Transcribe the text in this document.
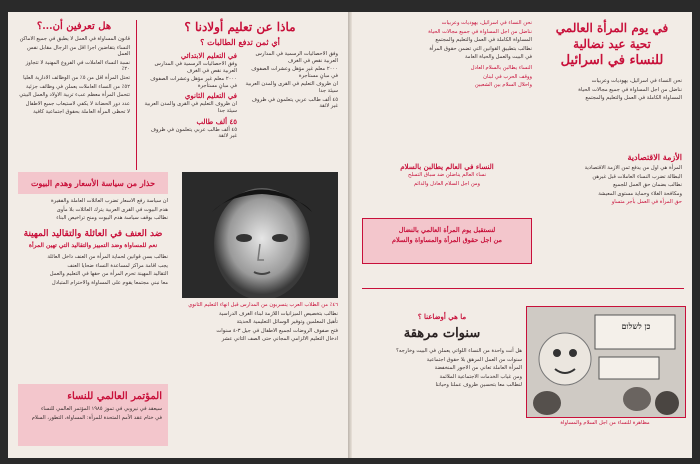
هل تعرفين أن...؟

قانون المساواة في العمل لا يطبق في جميع الاماكن

النساء يتقاضين اجرا اقل من الرجال مقابل نفس العمل

نسبة النساء العاملات في الفروع المهنية لا تتجاوز ٢٠٪

تحتل المرأة اقل من ٥٪ من الوظائف الادارية العليا

٥٢٪ من النساء العاملات يعملن في وظائف جزئية

تتحمل المرأة معظم عبء تربية الاولاد والعمل البيتي

عدد دور الحضانة لا يكفي لاستيعاب جميع الاطفال

لا تحظى المرأة العاملة بحقوق اجتماعية كافية

ماذا عن تعليم أولادنا ؟
أي ثمن تدفع الطالبات ؟
في التعليم الابتدائي

وفق الاحصائيات الرسمية في المدارس العربية نقص في الغرف

٢٠٠٠ معلم غير مؤهل وعشرات الصفوف في مبانٍ مستأجرة

في التعليم الثانوي

ان ظروف التعليم في القرى والمدن العربية سيئة جدا

٤٥ ألف طالب

٤٥ ألف طالب عربي يتعلمون في ظروف غير لائقة

وفق الاحصائيات الرسمية في المدارس العربية نقص في الغرف

٢٠٠٠ معلم غير مؤهل وعشرات الصفوف في مبانٍ مستأجرة

ان ظروف التعليم في القرى والمدن العربية سيئة جدا

٤٥ ألف طالب عربي يتعلمون في ظروف غير لائقة

حذار من سياسة الأسعار وهدم البيوت

ان سياسة رفع الاسعار تضرب العائلات العاملة والفقيرة

هدم البيوت في القرى العربية يترك العائلات بلا مأوى

نطالب بوقف سياسة هدم البيوت ومنح تراخيص البناء

ضد العنف في العائلة والتقاليد المهينة
نعم للمساواة وضد التمييز والتقاليد التي تهين المرأة

نطالب بسن قوانين لحماية المرأة من العنف داخل العائلة

يجب اقامة مراكز لمساعدة النساء ضحايا العنف

التقاليد المهينة تحرم المرأة من حقها في التعليم والعمل

معا نبني مجتمعا يقوم على المساواة والاحترام المتبادل

٤٦٪ من الطلاب العرب يتسربون من المدارس قبل انهاء التعليم الثانوي

نطالب بتخصيص الميزانيات اللازمة لبناء الغرف الدراسية

تأهيل المعلمين وتوفير الوسائل التعليمية الحديثة

فتح صفوف الروضات لجميع الاطفال في جيل ٣-٤ سنوات

ادخال التعليم الالزامي المجاني حتى الصف الثاني عشر

المؤتمر العالمي للنساء

سيعقد في نيروبي في تموز ١٩٨٥ المؤتمر العالمي للنساء

في ختام عقد الأمم المتحدة للمرأة: المساواة، التطور، السلام

في يوم المرأة العالمي
تحية عيد نضالية
للنساء في اسرائيل

نحن النساء في اسرائيل، يهوديات وعربيات

نناضل من اجل المساواة في جميع مجالات الحياة

المساواة الكاملة في العمل والتعليم والمجتمع

نحن النساء في اسرائيل، يهوديات وعربيات

نناضل من اجل المساواة في جميع مجالات الحياة

المساواة الكاملة في العمل والتعليم والمجتمع

نطالب بتطبيق القوانين التي تضمن حقوق المرأة

في البيت والعمل والحياة العامة

النساء يطالبن بالسلام العادل

ووقف الحرب في لبنان

واحلال السلام بين الشعبين

الأزمة الاقتصادية

المرأة هي اول من يدفع ثمن الازمة الاقتصادية

البطالة تضرب النساء العاملات قبل غيرهن

نطالب بضمان حق العمل للجميع

ومكافحة الغلاء وحماية مستوى المعيشة

حق المرأة في العمل بأجر متساو

النساء في العالم يطالبن بالسلام

نساء العالم يناضلن ضد سباق التسلح

ومن اجل السلام العادل والدائم

لنستقبل يوم المرأة العالمي بالنضال
من اجل حقوق المرأة والمساواة والسلام
ما هي أوضاعنا ؟
سنوات مرهقة

هل أنت واحدة من النساء اللواتي يعملن في البيت وخارجه؟

سنوات من العمل المرهق بلا حقوق اجتماعية

المرأة العاملة تعاني من الاجور المنخفضة

ومن غياب الخدمات الاجتماعية الملائمة

لنطالب معا بتحسين ظروف عملنا وحياتنا

כן לשלום
مظاهرة للنساء من اجل السلام والمساواة
